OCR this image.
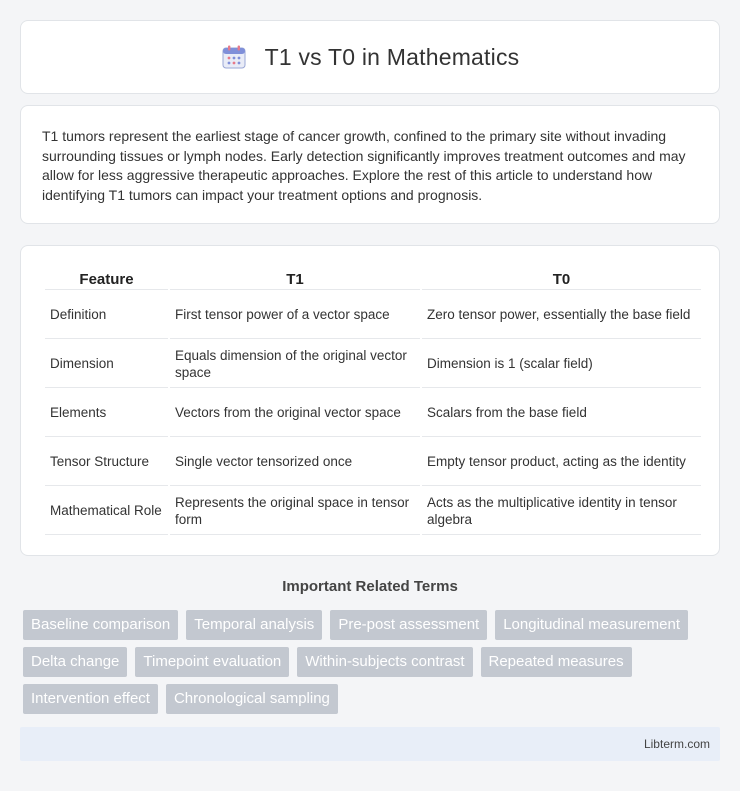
T1 vs T0 in Mathematics

T1 tumors represent the earliest stage of cancer growth, confined to the primary site without invading surrounding tissues or lymph nodes. Early detection significantly improves treatment outcomes and may allow for less aggressive therapeutic approaches. Explore the rest of this article to understand how identifying T1 tumors can impact your treatment options and prognosis.

Feature	T1	T0
Definition	First tensor power of a vector space	Zero tensor power, essentially the base field
Dimension	Equals dimension of the original vector space	Dimension is 1 (scalar field)
Elements	Vectors from the original vector space	Scalars from the base field
Tensor Structure	Single vector tensorized once	Empty tensor product, acting as the identity
Mathematical Role	Represents the original space in tensor form	Acts as the multiplicative identity in tensor algebra
Important Related Terms
Baseline comparison	Temporal analysis	Pre-post assessment	Longitudinal measurement
Delta change	Timepoint evaluation	Within-subjects contrast	Repeated measures
Intervention effect	Chronological sampling
Libterm.com
